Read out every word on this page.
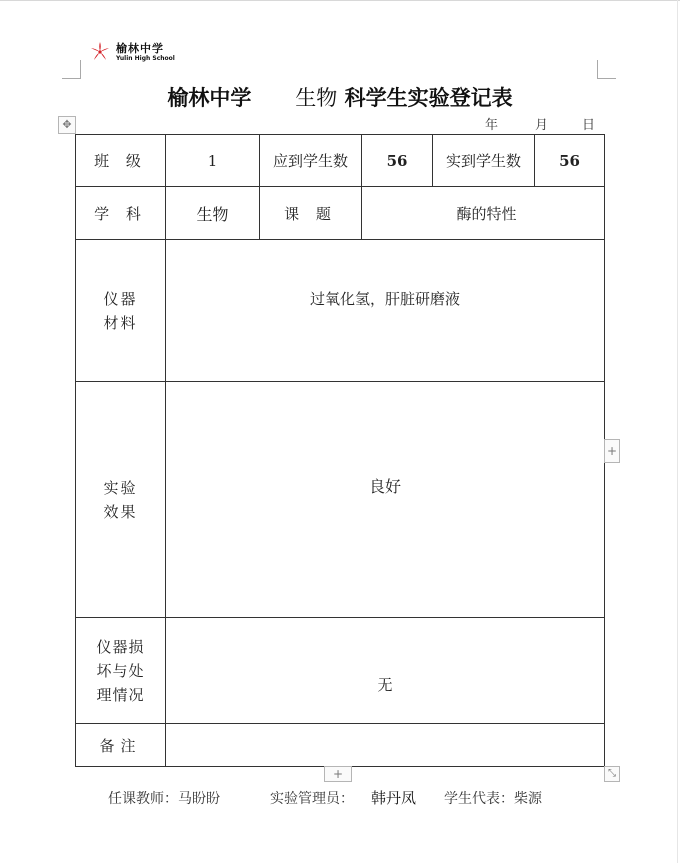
榆林中学
Yulin High School
榆林中学 生物 科学生实验登记表
年	月	日
✥
班 级	1	应到学生数	56	实到学生数	56
学 科	生物	课 题	酶的特性		

仪器
材料	过氧化氢，肝脏研磨液				

实验
效果	良好				

仪器损
坏与处
理情况	无				
备注					
+
+	⤡
任课教师：马盼盼	实验管理员： 韩丹凤 学生代表：柴源
